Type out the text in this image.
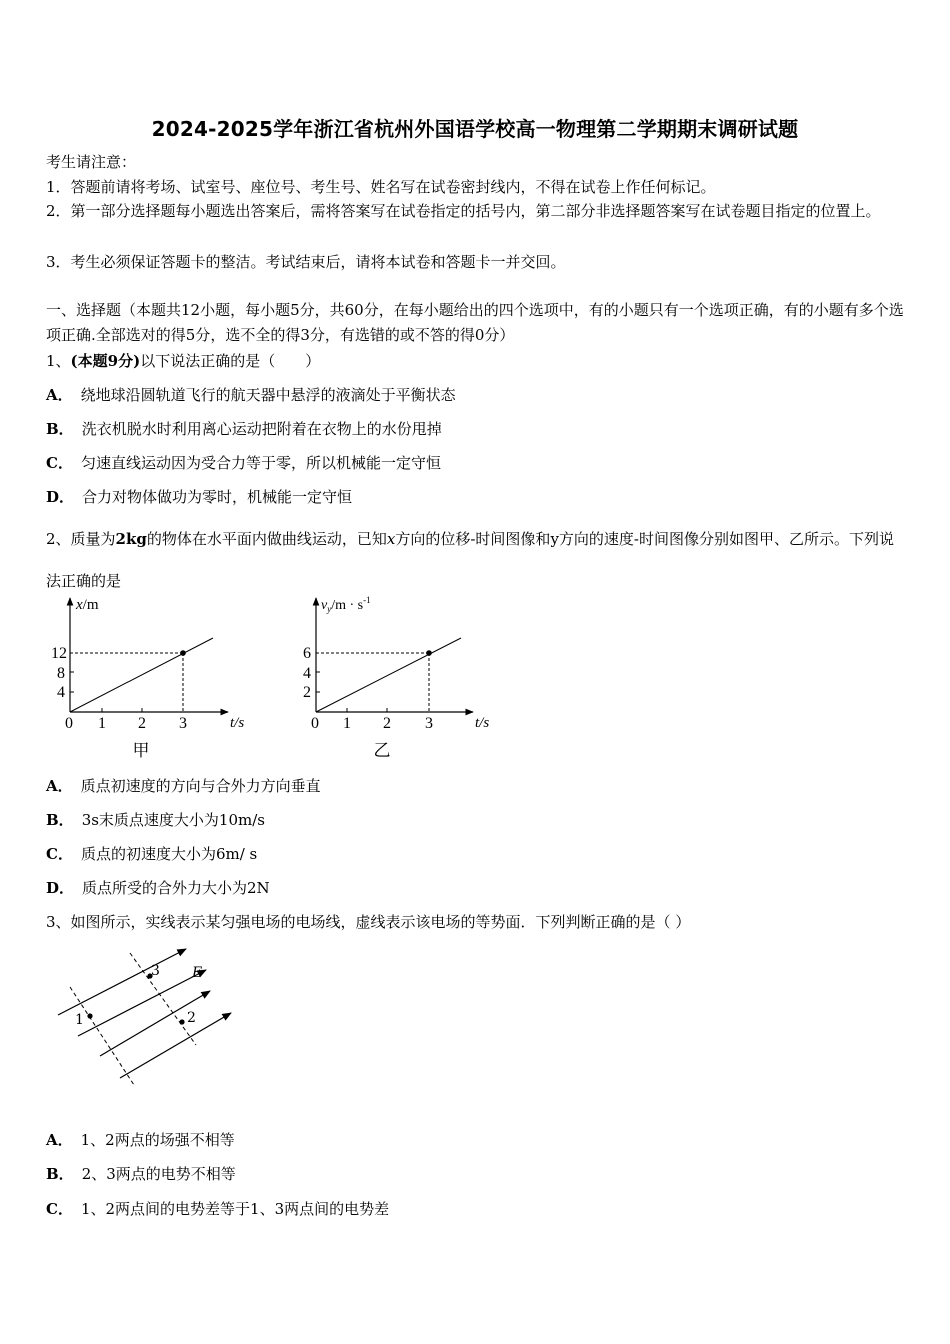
2024-2025学年浙江省杭州外国语学校高一物理第二学期期末调研试题
考生请注意：
1．答题前请将考场、试室号、座位号、考生号、姓名写在试卷密封线内，不得在试卷上作任何标记。
2．第一部分选择题每小题选出答案后，需将答案写在试卷指定的括号内，第二部分非选择题答案写在试卷题目指定的位置上。
3．考生必须保证答题卡的整洁。考试结束后，请将本试卷和答题卡一并交回。
一、选择题（本题共12小题，每小题5分，共60分，在每小题给出的四个选项中，有的小题只有一个选项正确，有的小题有多个选项正确.全部选对的得5分，选不全的得3分，有选错的或不答的得0分）
1、(本题9分)以下说法正确的是（　　）
A． 绕地球沿圆轨道飞行的航天器中悬浮的液滴处于平衡状态
B． 洗衣机脱水时利用离心运动把附着在衣物上的水份甩掉
C． 匀速直线运动因为受合力等于零，所以机械能一定守恒
D． 合力对物体做功为零时，机械能一定守恒
2、质量为2kg的物体在水平面内做曲线运动，已知x方向的位移-时间图像和y方向的速度-时间图像分别如图甲、乙所示。下列说法正确的是
x/m
t/s
12
8
4
0 1 2 3
甲
$v_y/m \cdot s^{-1}$
t/s
6
4
2
0 1 2 3
乙
A． 质点初速度的方向与合外力方向垂直
B． 3s末质点速度大小为10m/s
C． 质点的初速度大小为6m/ s
D． 质点所受的合外力大小为2N
3、如图所示，实线表示某匀强电场的电场线，虚线表示该电场的等势面．下列判断正确的是（ ）
1	2
3 E
A． 1、2两点的场强不相等
B． 2、3两点的电势不相等
C． 1、2两点间的电势差等于1、3两点间的电势差
